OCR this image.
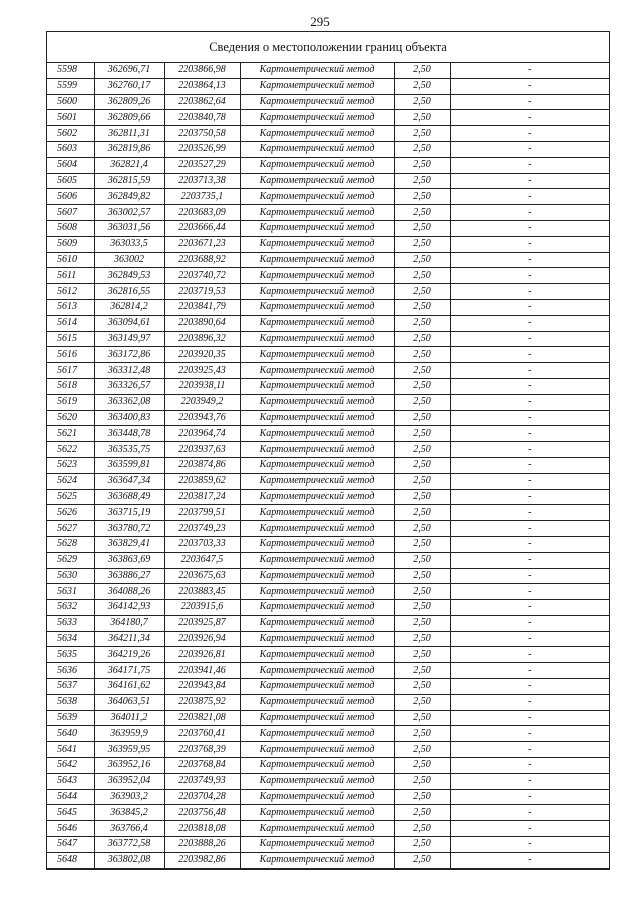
295
Сведения о местоположении границ объекта
5598	362696,71	2203866,98	Картометрический метод	2,50	-
5599	362760,17	2203864,13	Картометрический метод	2,50	-
5600	362809,26	2203862,64	Картометрический метод	2,50	-
5601	362809,66	2203840,78	Картометрический метод	2,50	-
5602	362811,31	2203750,58	Картометрический метод	2,50	-
5603	362819,86	2203526,99	Картометрический метод	2,50	-
5604	362821,4	2203527,29	Картометрический метод	2,50	-
5605	362815,59	2203713,38	Картометрический метод	2,50	-
5606	362849,82	2203735,1	Картометрический метод	2,50	-
5607	363002,57	2203683,09	Картометрический метод	2,50	-
5608	363031,56	2203666,44	Картометрический метод	2,50	-
5609	363033,5	2203671,23	Картометрический метод	2,50	-
5610	363002	2203688,92	Картометрический метод	2,50	-
5611	362849,53	2203740,72	Картометрический метод	2,50	-
5612	362816,55	2203719,53	Картометрический метод	2,50	-
5613	362814,2	2203841,79	Картометрический метод	2,50	-
5614	363094,61	2203890,64	Картометрический метод	2,50	-
5615	363149,97	2203896,32	Картометрический метод	2,50	-
5616	363172,86	2203920,35	Картометрический метод	2,50	-
5617	363312,48	2203925,43	Картометрический метод	2,50	-
5618	363326,57	2203938,11	Картометрический метод	2,50	-
5619	363362,08	2203949,2	Картометрический метод	2,50	-
5620	363400,83	2203943,76	Картометрический метод	2,50	-
5621	363448,78	2203964,74	Картометрический метод	2,50	-
5622	363535,75	2203937,63	Картометрический метод	2,50	-
5623	363599,81	2203874,86	Картометрический метод	2,50	-
5624	363647,34	2203859,62	Картометрический метод	2,50	-
5625	363688,49	2203817,24	Картометрический метод	2,50	-
5626	363715,19	2203799,51	Картометрический метод	2,50	-
5627	363780,72	2203749,23	Картометрический метод	2,50	-
5628	363829,41	2203703,33	Картометрический метод	2,50	-
5629	363863,69	2203647,5	Картометрический метод	2,50	-
5630	363886,27	2203675,63	Картометрический метод	2,50	-
5631	364088,26	2203883,45	Картометрический метод	2,50	-
5632	364142,93	2203915,6	Картометрический метод	2,50	-
5633	364180,7	2203925,87	Картометрический метод	2,50	-
5634	364211,34	2203926,94	Картометрический метод	2,50	-
5635	364219,26	2203926,81	Картометрический метод	2,50	-
5636	364171,75	2203941,46	Картометрический метод	2,50	-
5637	364161,62	2203943,84	Картометрический метод	2,50	-
5638	364063,51	2203875,92	Картометрический метод	2,50	-
5639	364011,2	2203821,08	Картометрический метод	2,50	-
5640	363959,9	2203760,41	Картометрический метод	2,50	-
5641	363959,95	2203768,39	Картометрический метод	2,50	-
5642	363952,16	2203768,84	Картометрический метод	2,50	-
5643	363952,04	2203749,93	Картометрический метод	2,50	-
5644	363903,2	2203704,28	Картометрический метод	2,50	-
5645	363845,2	2203756,48	Картометрический метод	2,50	-
5646	363766,4	2203818,08	Картометрический метод	2,50	-
5647	363772,58	2203888,26	Картометрический метод	2,50	-
5648	363802,08	2203982,86	Картометрический метод	2,50	-
